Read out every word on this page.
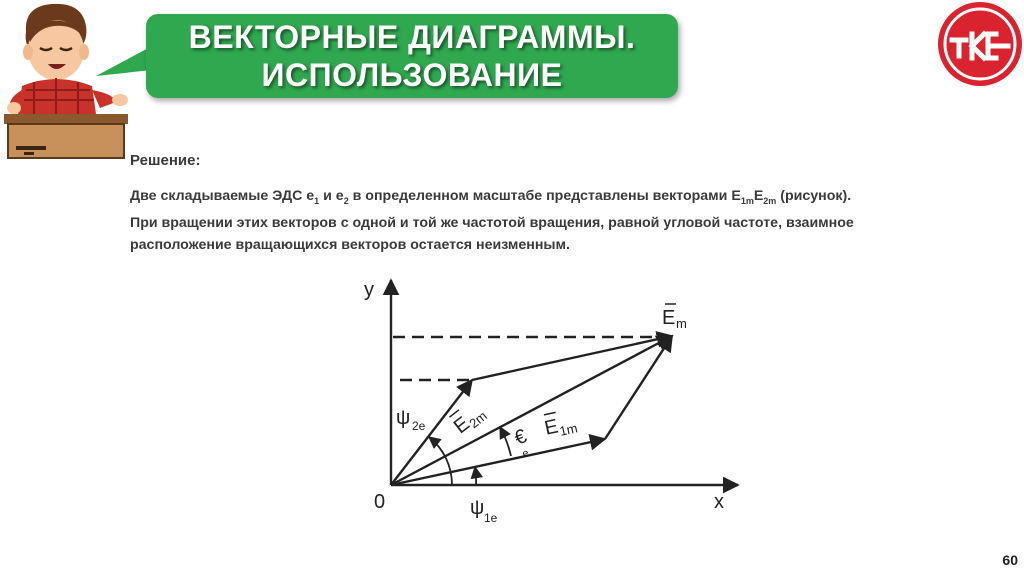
ВЕКТОРНЫЕ ДИАГРАММЫ.
ИСПОЛЬЗОВАНИЕ

Решение:

Две складываемые ЭДС $e_1$ и $e_2$ в определенном масштабе представлены векторами $E_{1m}E_{2m}$ (рисунок).
При вращении этих векторов с одной и той же частотой вращения, равной угловой частоте, взаимное
расположение вращающихся векторов остается неизменным.

y
x
0
E m
E
1m
E
2m
ψ 2e
ψ 1e
€
e
60
